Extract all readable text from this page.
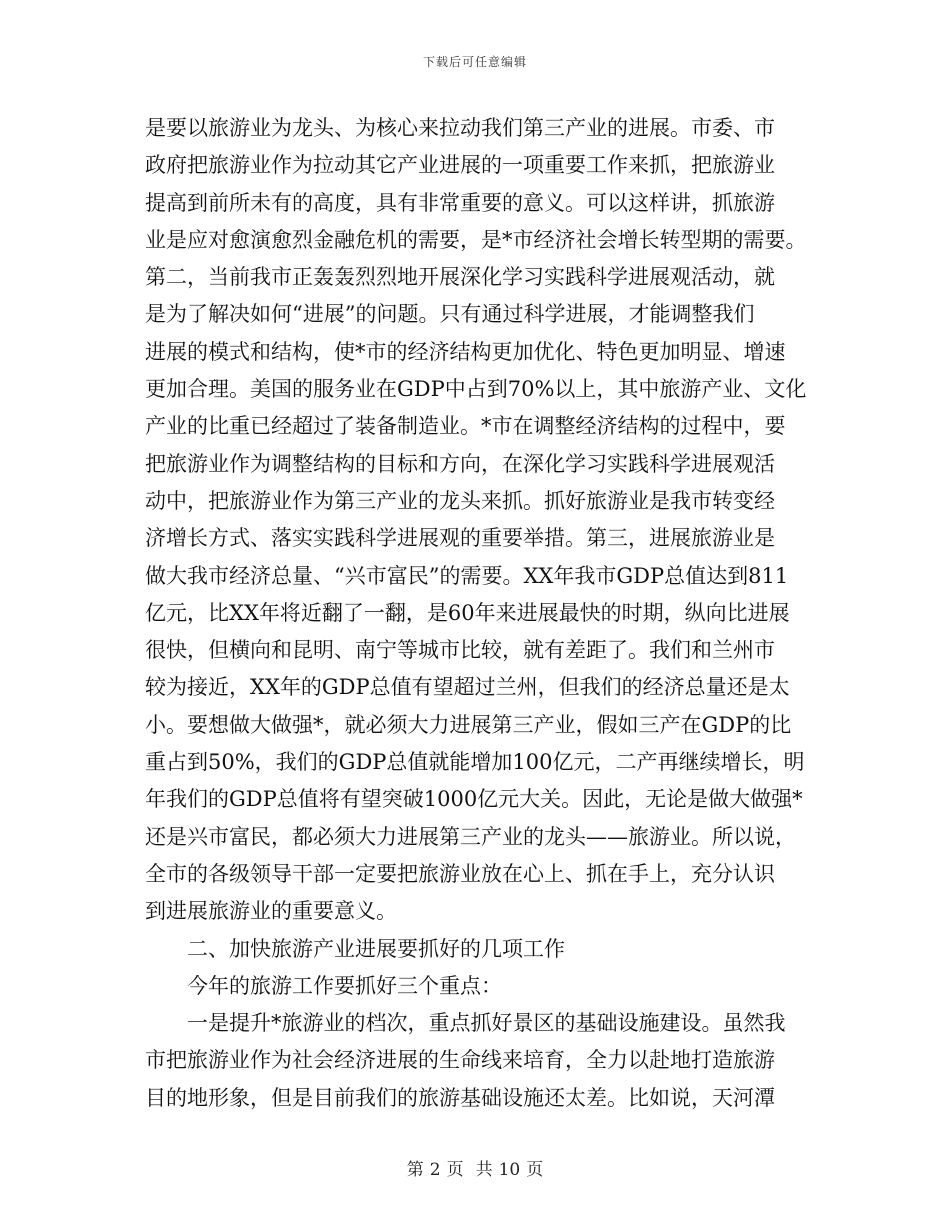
下载后可任意编辑
是要以旅游业为龙头、为核心来拉动我们第三产业的进展。市委、市
政府把旅游业作为拉动其它产业进展的一项重要工作来抓，把旅游业
提高到前所未有的高度，具有非常重要的意义。可以这样讲，抓旅游
业是应对愈演愈烈金融危机的需要，是*市经济社会增长转型期的需要。
第二，当前我市正轰轰烈烈地开展深化学习实践科学进展观活动，就
是为了解决如何“进展”的问题。只有通过科学进展，才能调整我们
进展的模式和结构，使*市的经济结构更加优化、特色更加明显、增速
更加合理。美国的服务业在GDP中占到70%以上，其中旅游产业、文化
产业的比重已经超过了装备制造业。*市在调整经济结构的过程中，要
把旅游业作为调整结构的目标和方向，在深化学习实践科学进展观活
动中，把旅游业作为第三产业的龙头来抓。抓好旅游业是我市转变经
济增长方式、落实实践科学进展观的重要举措。第三，进展旅游业是
做大我市经济总量、“兴市富民”的需要。XX年我市GDP总值达到811
亿元，比XX年将近翻了一翻，是60年来进展最快的时期，纵向比进展
很快，但横向和昆明、南宁等城市比较，就有差距了。我们和兰州市
较为接近，XX年的GDP总值有望超过兰州，但我们的经济总量还是太
小。要想做大做强*，就必须大力进展第三产业，假如三产在GDP的比
重占到50%，我们的GDP总值就能增加100亿元，二产再继续增长，明
年我们的GDP总值将有望突破1000亿元大关。因此，无论是做大做强*
还是兴市富民，都必须大力进展第三产业的龙头——旅游业。所以说，
全市的各级领导干部一定要把旅游业放在心上、抓在手上，充分认识
到进展旅游业的重要意义。
二、加快旅游产业进展要抓好的几项工作
今年的旅游工作要抓好三个重点：
一是提升*旅游业的档次，重点抓好景区的基础设施建设。虽然我
市把旅游业作为社会经济进展的生命线来培育，全力以赴地打造旅游
目的地形象，但是目前我们的旅游基础设施还太差。比如说，天河潭
第 2 页 共 10 页
